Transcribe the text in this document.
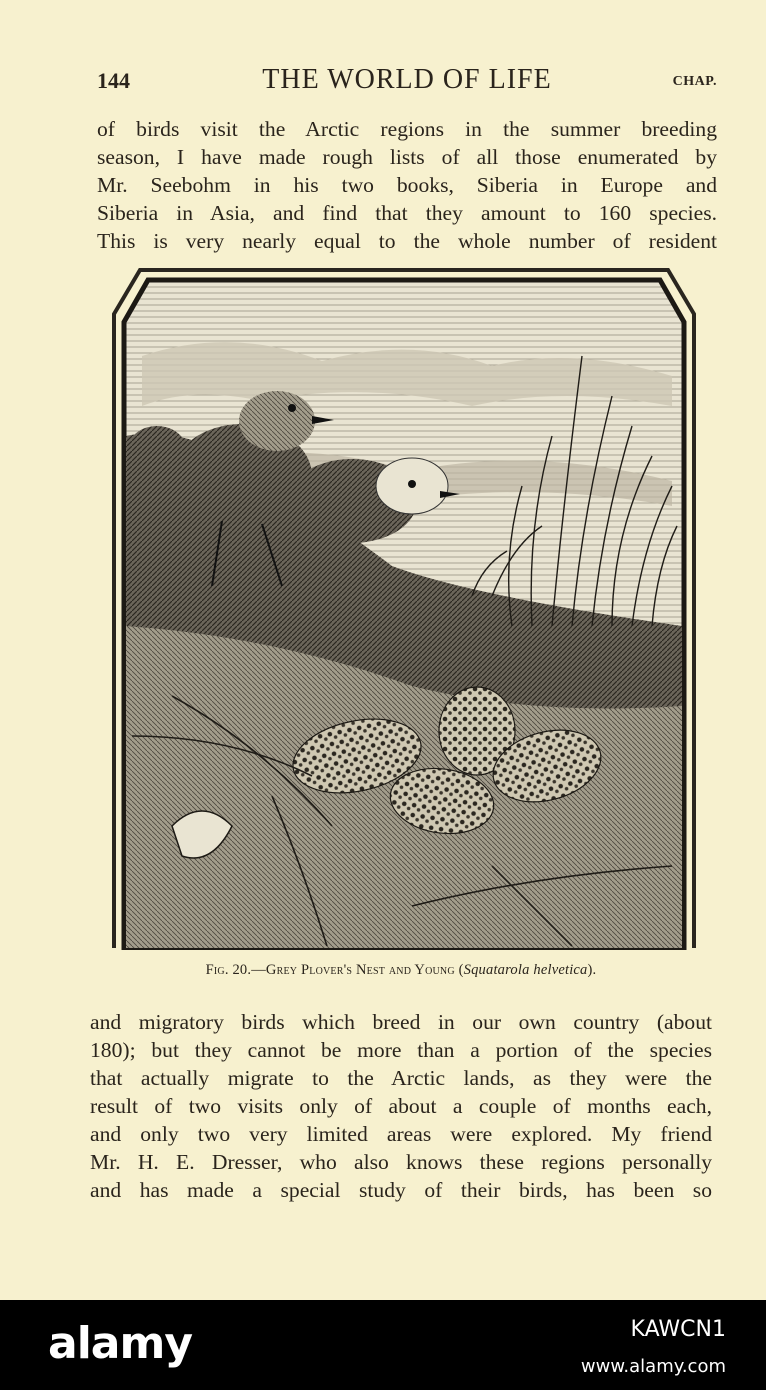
144	THE WORLD OF LIFE	CHAP.
of birds visit the Arctic regions in the summer breeding
season, I have made rough lists of all those enumerated by
Mr. Seebohm in his two books, Siberia in Europe and
Siberia in Asia, and find that they amount to 160 species.
This is very nearly equal to the whole number of resident
Fig. 20.—Grey Plover's Nest and Young (Squatarola helvetica).
and migratory birds which breed in our own country (about
180); but they cannot be more than a portion of the species
that actually migrate to the Arctic lands, as they were the
result of two visits only of about a couple of months each,
and only two very limited areas were explored. My friend
Mr. H. E. Dresser, who also knows these regions personally
and has made a special study of their birds, has been so
alamy	KAWCN1
www.alamy.com
